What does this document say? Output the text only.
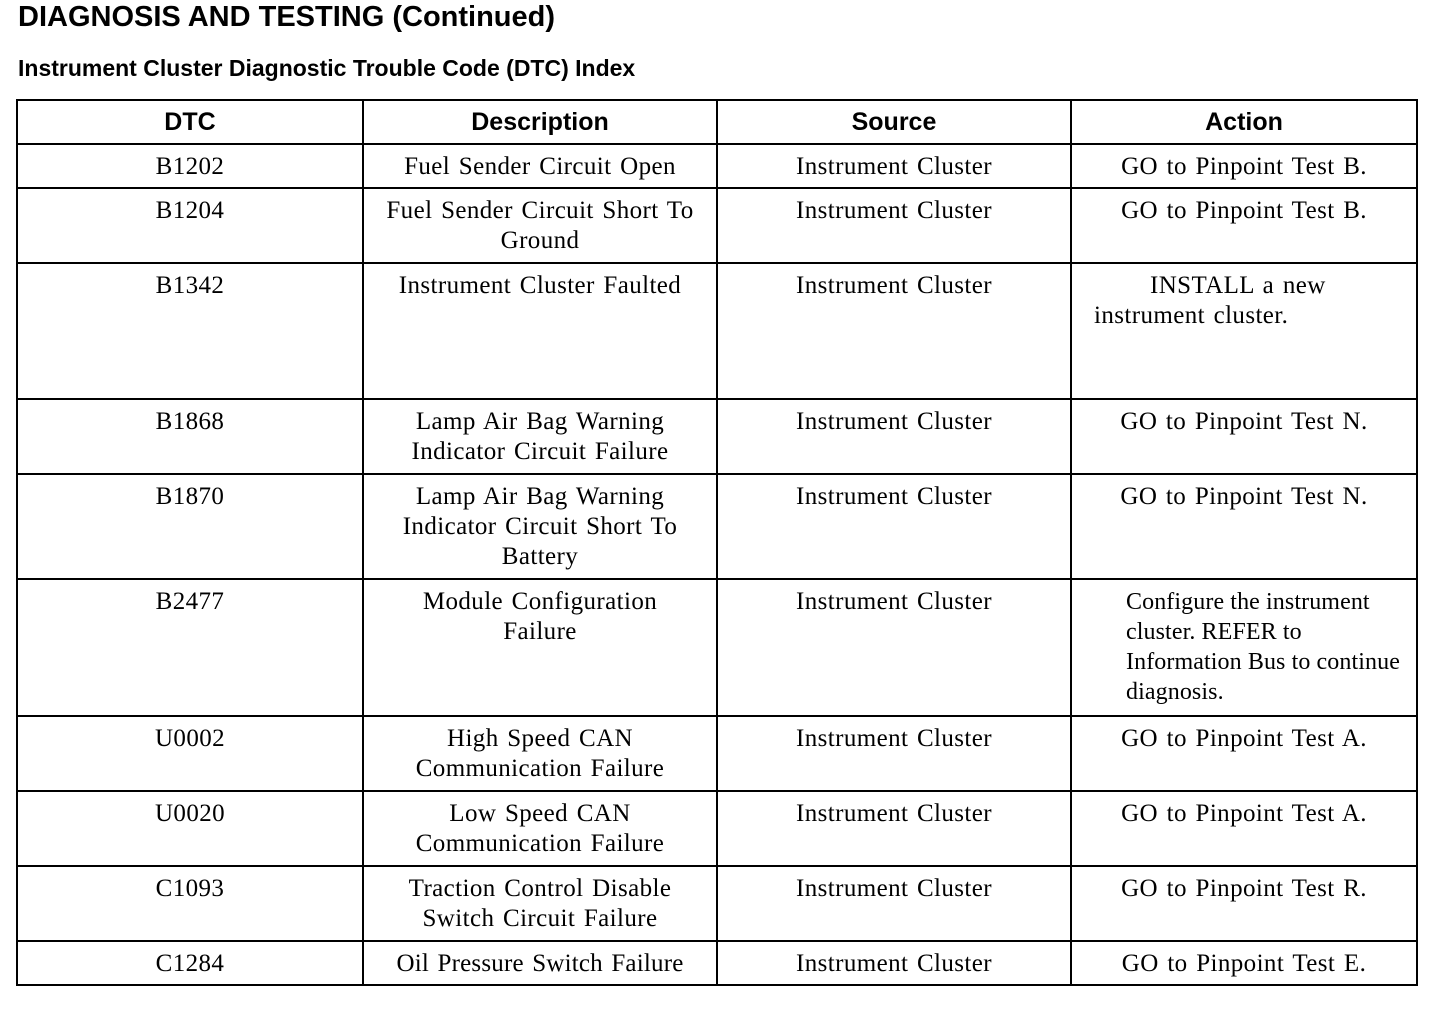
DIAGNOSIS AND TESTING (Continued)
Instrument Cluster Diagnostic Trouble Code (DTC) Index
DTC	Description	Source	Action
B1202	Fuel Sender Circuit Open	Instrument Cluster	GO to Pinpoint Test B.
B1204	Fuel Sender Circuit Short To Ground	Instrument Cluster	GO to Pinpoint Test B.
B1342	Instrument Cluster Faulted	Instrument Cluster	INSTALL a new instrument cluster.
B1868	Lamp Air Bag Warning Indicator Circuit Failure	Instrument Cluster	GO to Pinpoint Test N.
B1870	Lamp Air Bag Warning Indicator Circuit Short To Battery	Instrument Cluster	GO to Pinpoint Test N.
B2477	Module Configuration Failure	Instrument Cluster	Configure the instrument cluster. REFER to Information Bus to continue diagnosis.
U0002	High Speed CAN Communication Failure	Instrument Cluster	GO to Pinpoint Test A.
U0020	Low Speed CAN Communication Failure	Instrument Cluster	GO to Pinpoint Test A.
C1093	Traction Control Disable Switch Circuit Failure	Instrument Cluster	GO to Pinpoint Test R.
C1284	Oil Pressure Switch Failure	Instrument Cluster	GO to Pinpoint Test E.
